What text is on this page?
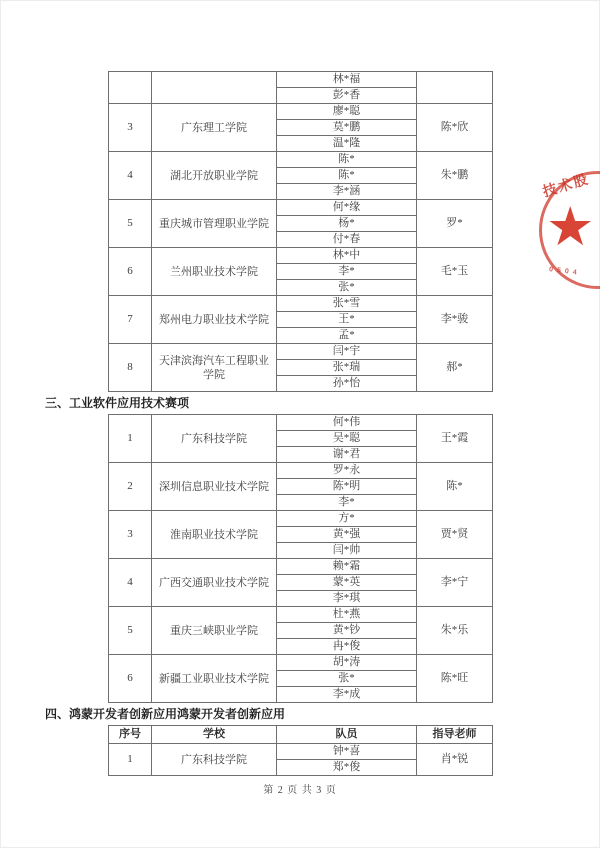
		林*福	
		彭*香	
3	广东理工学院	廖*聪	陈*欣
		莫*鹏	
		温*隆	
4	湖北开放职业学院	陈*	朱*鹏
		陈*	
		李*涵	
5	重庆城市管理职业学院	何*缘	罗*
		杨*	
		付*春	
6	兰州职业技术学院	林*中	毛*玉
		李*	
		张*	
7	郑州电力职业技术学院	张*雪	李*骏
		王*	
		孟*	
8	天津滨海汽车工程职业学院	闫*宇	郝*
		张*瑞	
		孙*怡	
三、工业软件应用技术赛项
1	广东科技学院	何*伟	王*霞
		吴*聪	
		谢*君	
2	深圳信息职业技术学院	罗*永	陈*
		陈*明	
		李*	
3	淮南职业技术学院	方*	贾*贤
		黄*强	
		闫*帅	
4	广西交通职业技术学院	赖*霜	李*宁
		蒙*英	
		李*琪	
5	重庆三峡职业学院	杜*燕	朱*乐
		黄*钞	
		冉*俊	
6	新疆工业职业技术学院	胡*涛	陈*旺
		张*	
		李*成	
四、鸿蒙开发者创新应用鸿蒙开发者创新应用
序号	学校	队员	指导老师
1	广东科技学院	钟*喜	肖*锐
		郑*俊	
第 2 页 共 3 页
技术股
★
0504
